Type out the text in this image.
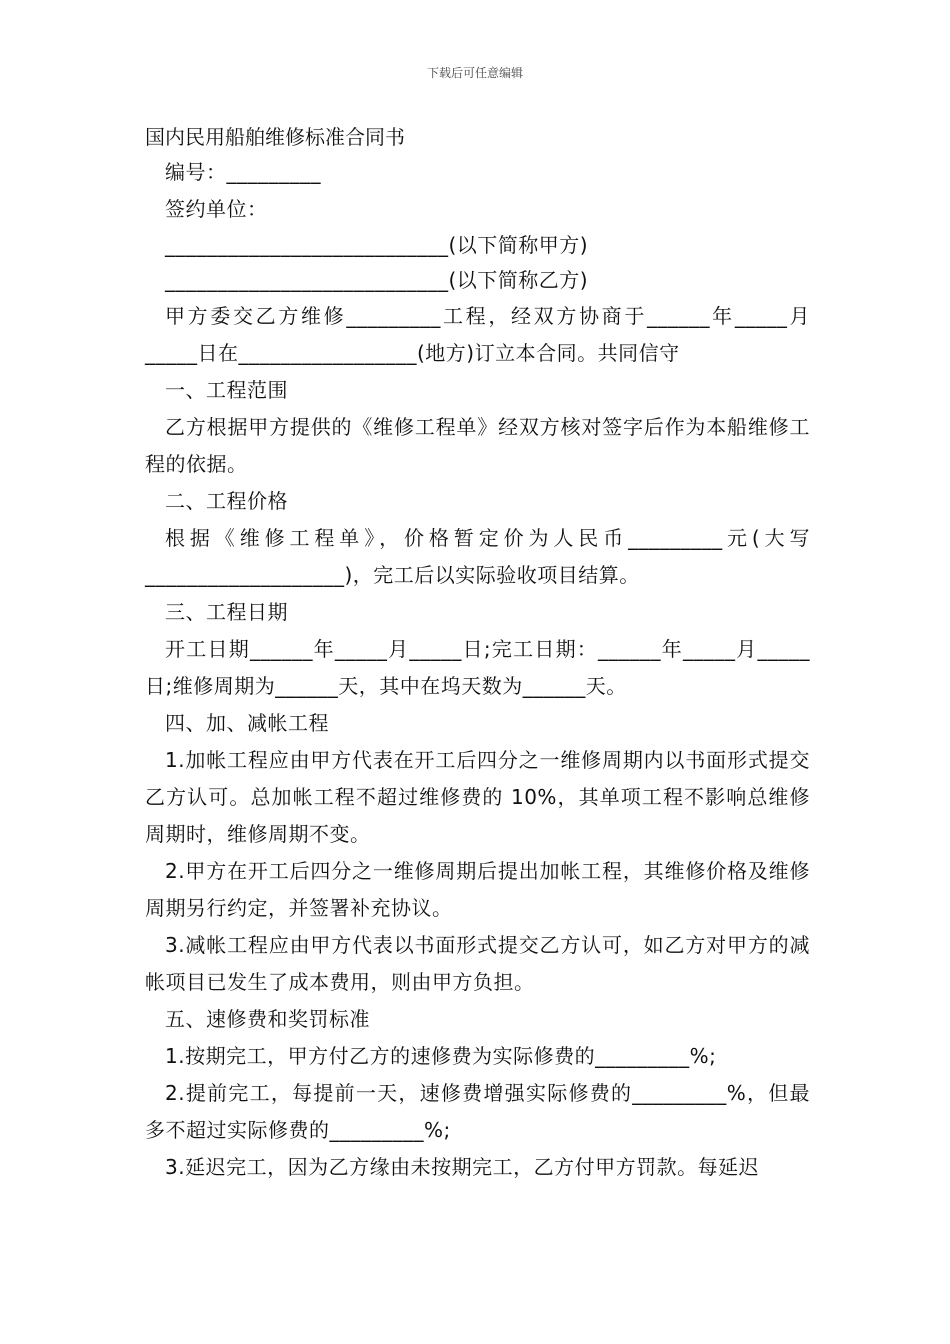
下载后可任意编辑

国内民用船舶维修标准合同书

编号：_________

签约单位：

___________________________(以下简称甲方)

___________________________(以下简称乙方)

甲方委交乙方维修_________工程，经双方协商于______年_____月_____日在_________________(地方)订立本合同。共同信守

一、工程范围

乙方根据甲方提供的《维修工程单》经双方核对签字后作为本船维修工程的依据。

二、工程价格

根据《维修工程单》，价格暂定价为人民币_________元(大写___________________)，完工后以实际验收项目结算。

三、工程日期

开工日期______年_____月_____日;完工日期：______年_____月_____日;维修周期为______天，其中在坞天数为______天。

四、加、减帐工程

1.加帐工程应由甲方代表在开工后四分之一维修周期内以书面形式提交乙方认可。总加帐工程不超过维修费的 10%，其单项工程不影响总维修周期时，维修周期不变。

2.甲方在开工后四分之一维修周期后提出加帐工程，其维修价格及维修周期另行约定，并签署补充协议。

3.减帐工程应由甲方代表以书面形式提交乙方认可，如乙方对甲方的减帐项目已发生了成本费用，则由甲方负担。

五、速修费和奖罚标准

1.按期完工，甲方付乙方的速修费为实际修费的_________%;

2.提前完工，每提前一天，速修费增强实际修费的_________%，但最多不超过实际修费的_________%;

3.延迟完工，因为乙方缘由未按期完工，乙方付甲方罚款。每延迟
